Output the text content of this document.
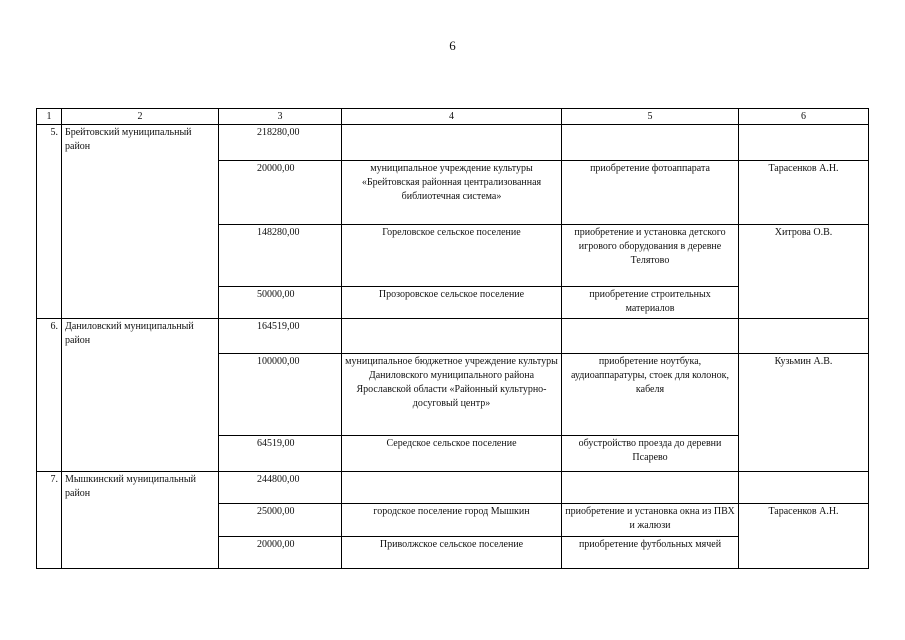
6
1	2	3	4	5	6
5.	Брейтовский муниципальный район	218280,00			
		20000,00	муниципальное учреждение культуры «Брейтовская районная централизованная библиотечная система»	приобретение фотоаппарата	Тарасенков А.Н.
		148280,00	Гореловское сельское поселение	приобретение и установка детского игрового оборудования в деревне Телятово	Хитрова О.В.
		50000,00	Прозоровское сельское поселение	приобретение строительных материалов	
6.	Даниловский муниципальный район	164519,00			
		100000,00	муниципальное бюджетное учреждение культуры Даниловского муниципального района Ярославской области «Районный культурно-досуговый центр»	приобретение ноутбука, аудиоаппаратуры, стоек для колонок, кабеля	Кузьмин А.В.
		64519,00	Середское сельское поселение	обустройство проезда до деревни Псарево	
7.	Мышкинский муниципальный район	244800,00			
		25000,00	городское поселение город Мышкин	приобретение и установка окна из ПВХ и жалюзи	Тарасенков А.Н.
		20000,00	Приволжское сельское поселение	приобретение футбольных мячей	
